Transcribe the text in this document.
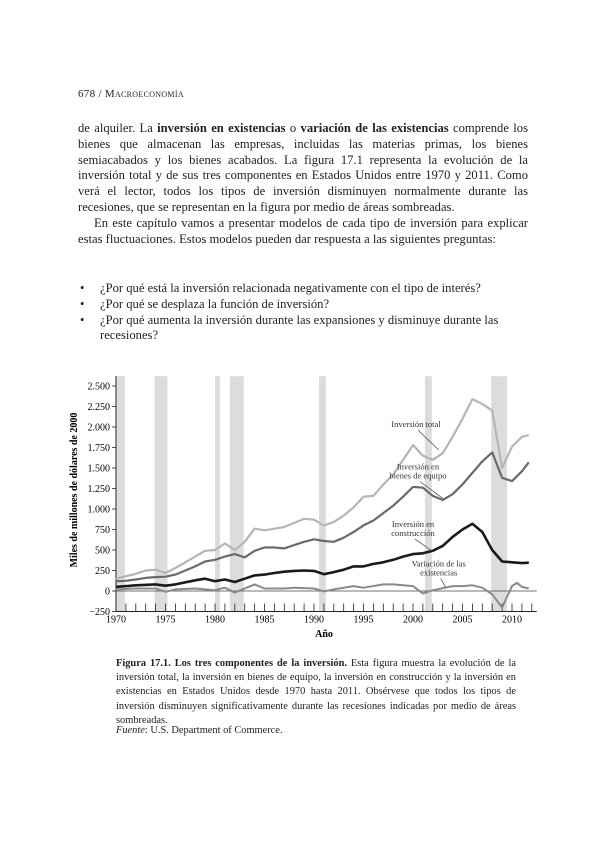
678 / Macroeconomía
de alquiler. La inversión en existencias o variación de las existencias comprende los bienes que almacenan las empresas, incluidas las materias primas, los bienes semiacabados y los bienes acabados. La figura 17.1 representa la evolución de la inversión total y de sus tres componentes en Estados Unidos entre 1970 y 2011. Como verá el lector, todos los tipos de inversión disminuyen normalmente durante las recesiones, que se representan en la figura por medio de áreas sombreadas.
En este capítulo vamos a presentar modelos de cada tipo de inversión para explicar estas fluctuaciones. Estos modelos pueden dar respuesta a las siguientes preguntas:
• ¿Por qué está la inversión relacionada negativamente con el tipo de interés?
• ¿Por qué se desplaza la función de inversión?
• ¿Por qué aumenta la inversión durante las expansiones y disminuye durante las recesiones?
2.500
2.250
2.000
1.750
1.500
1.250
1.000
750
500
250
0
−250
1970	1975	1980	1985	1990	1995	2000	2005	2010
Inversión total
Inversión en
bienes de equipo
Inversión en
construcción
Variación de las
existencias
Año
Miles de millones de dólares de 2000
Figura 17.1. Los tres componentes de la inversión. Esta figura muestra la evolución de la inversión total, la inversión en bienes de equipo, la inversión en construcción y la inversión en existencias en Estados Unidos desde 1970 hasta 2011. Obsérvese que todos los tipos de inversión disminuyen significativamente durante las recesiones indicadas por medio de áreas sombreadas.
Fuente: U.S. Department of Commerce.
